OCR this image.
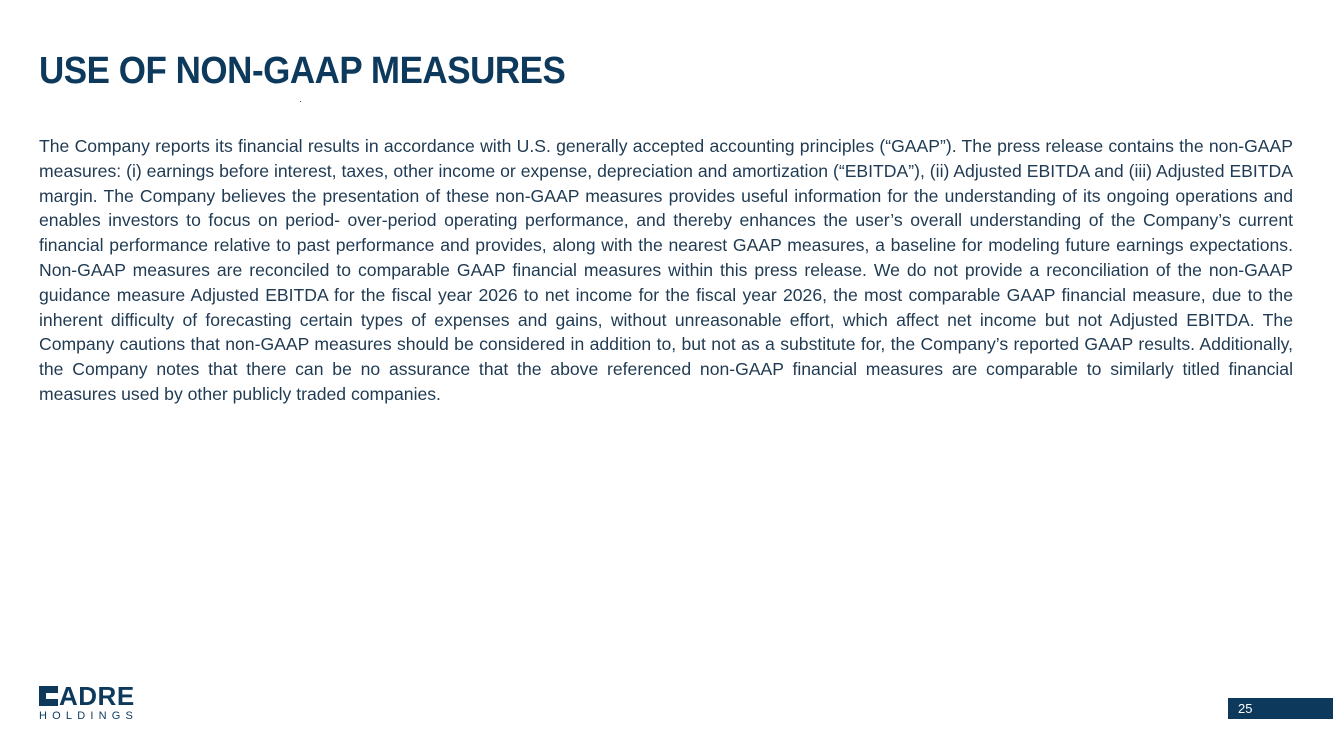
USE OF NON-GAAP MEASURES

The Company reports its financial results in accordance with U.S. generally accepted accounting principles (“GAAP”). The press release contains the non-GAAP measures: (i) earnings before interest, taxes, other income or expense, depreciation and amortization (“EBITDA”), (ii) Adjusted EBITDA and (iii) Adjusted EBITDA margin. The Company believes the presentation of these non-GAAP measures provides useful information for the understanding of its ongoing operations and enables investors to focus on period- over-period operating performance, and thereby enhances the user’s overall understanding of the Company’s current financial performance relative to past performance and provides, along with the nearest GAAP measures, a baseline for modeling future earnings expectations. Non-GAAP measures are reconciled to comparable GAAP financial measures within this press release. We do not provide a reconciliation of the non-GAAP guidance measure Adjusted EBITDA for the fiscal year 2026 to net income for the fiscal year 2026, the most comparable GAAP financial measure, due to the inherent difficulty of forecasting certain types of expenses and gains, without unreasonable effort, which affect net income but not Adjusted EBITDA. The Company cautions that non-GAAP measures should be considered in addition to, but not as a substitute for, the Company’s reported GAAP results. Additionally, the Company notes that there can be no assurance that the above referenced non-GAAP financial measures are comparable to similarly titled financial measures used by other publicly traded companies.

ADRE
HOLDINGS	25
